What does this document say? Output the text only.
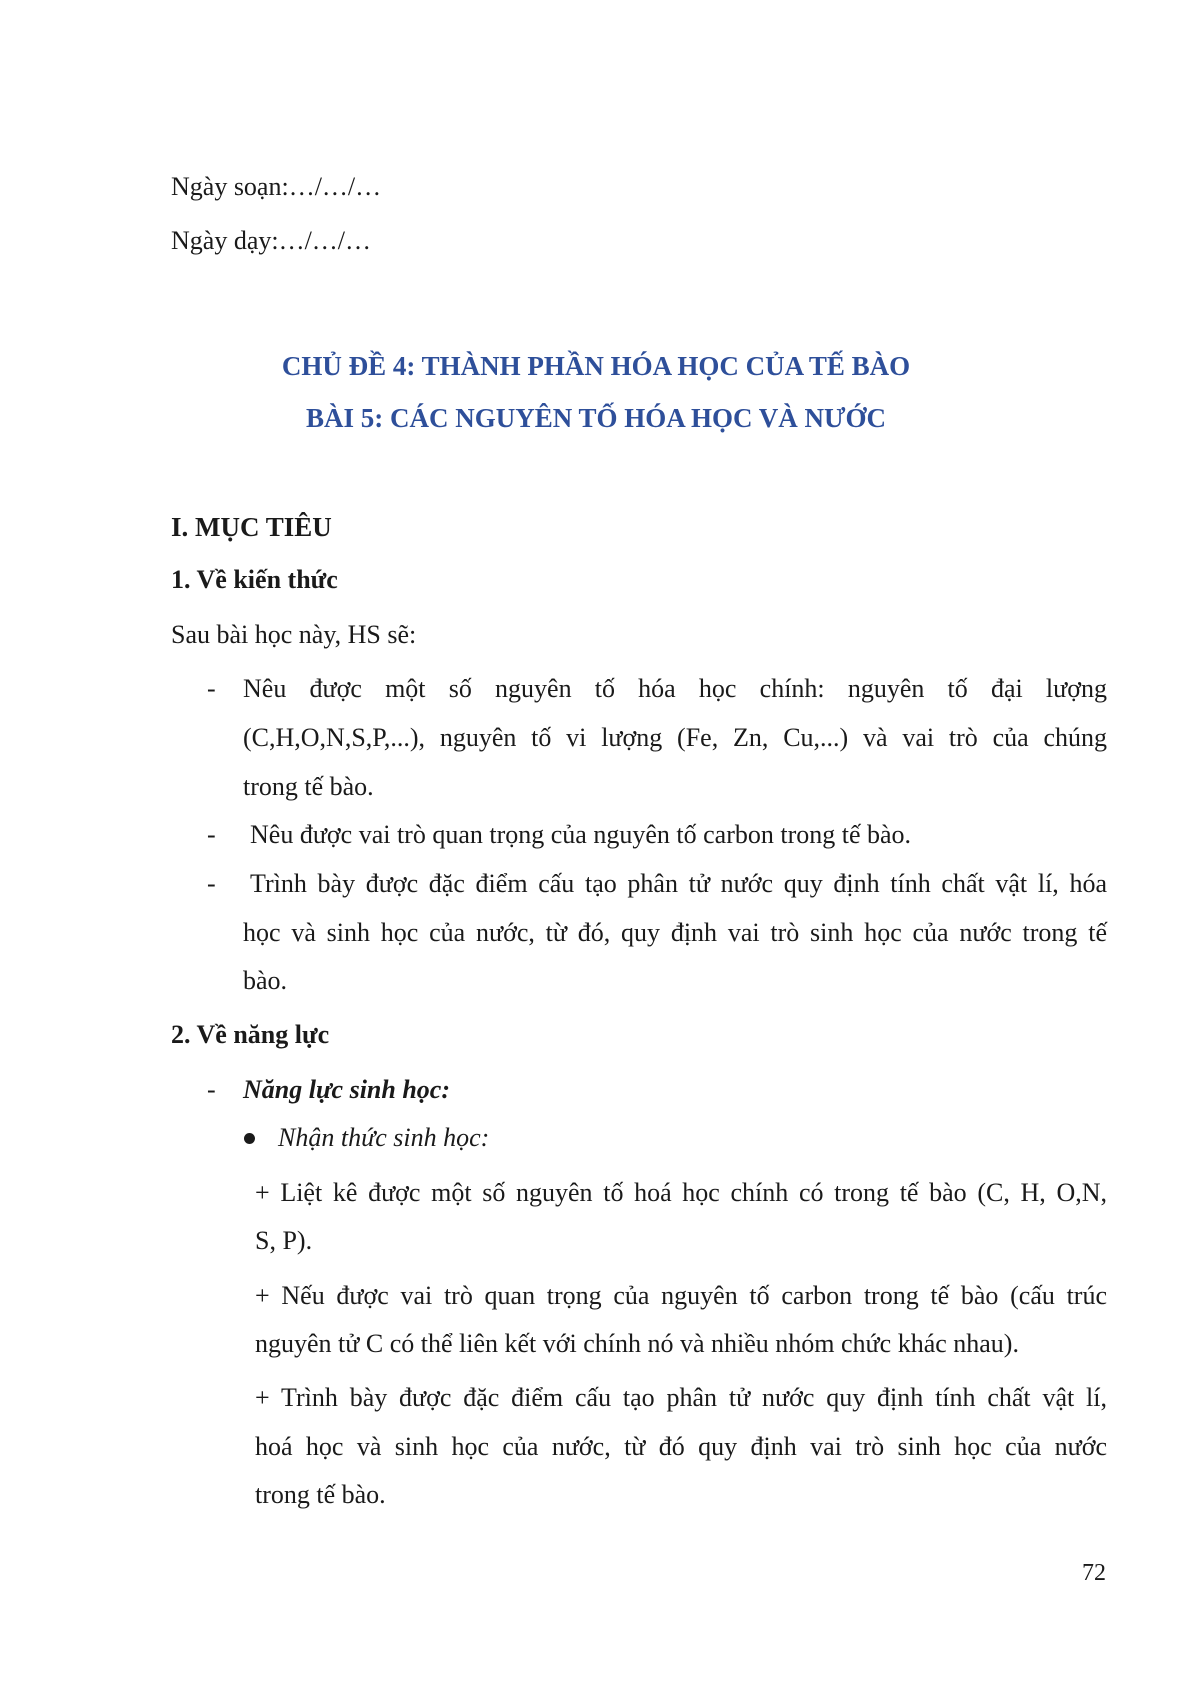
Ngày soạn:…/…/…
Ngày dạy:…/…/…
CHỦ ĐỀ 4: THÀNH PHẦN HÓA HỌC CỦA TẾ BÀO
BÀI 5: CÁC NGUYÊN TỐ HÓA HỌC VÀ NƯỚC
I. MỤC TIÊU
1. Về kiến thức
Sau bài học này, HS sẽ:
- Nêu được một số nguyên tố hóa học chính: nguyên tố đại lượng
(C,H,O,N,S,P,...), nguyên tố vi lượng (Fe, Zn, Cu,...) và vai trò của chúng
trong tế bào.
- Nêu được vai trò quan trọng của nguyên tố carbon trong tế bào.
- Trình bày được đặc điểm cấu tạo phân tử nước quy định tính chất vật lí, hóa
học và sinh học của nước, từ đó, quy định vai trò sinh học của nước trong tế
bào.
2. Về năng lực
- Năng lực sinh học:
Nhận thức sinh học:
+ Liệt kê được một số nguyên tố hoá học chính có trong tế bào (C, H, O,N,
S, P).
+ Nếu được vai trò quan trọng của nguyên tố carbon trong tế bào (cấu trúc
nguyên tử C có thể liên kết với chính nó và nhiều nhóm chức khác nhau).
+ Trình bày được đặc điểm cấu tạo phân tử nước quy định tính chất vật lí,
hoá học và sinh học của nước, từ đó quy định vai trò sinh học của nước
trong tế bào.
72
